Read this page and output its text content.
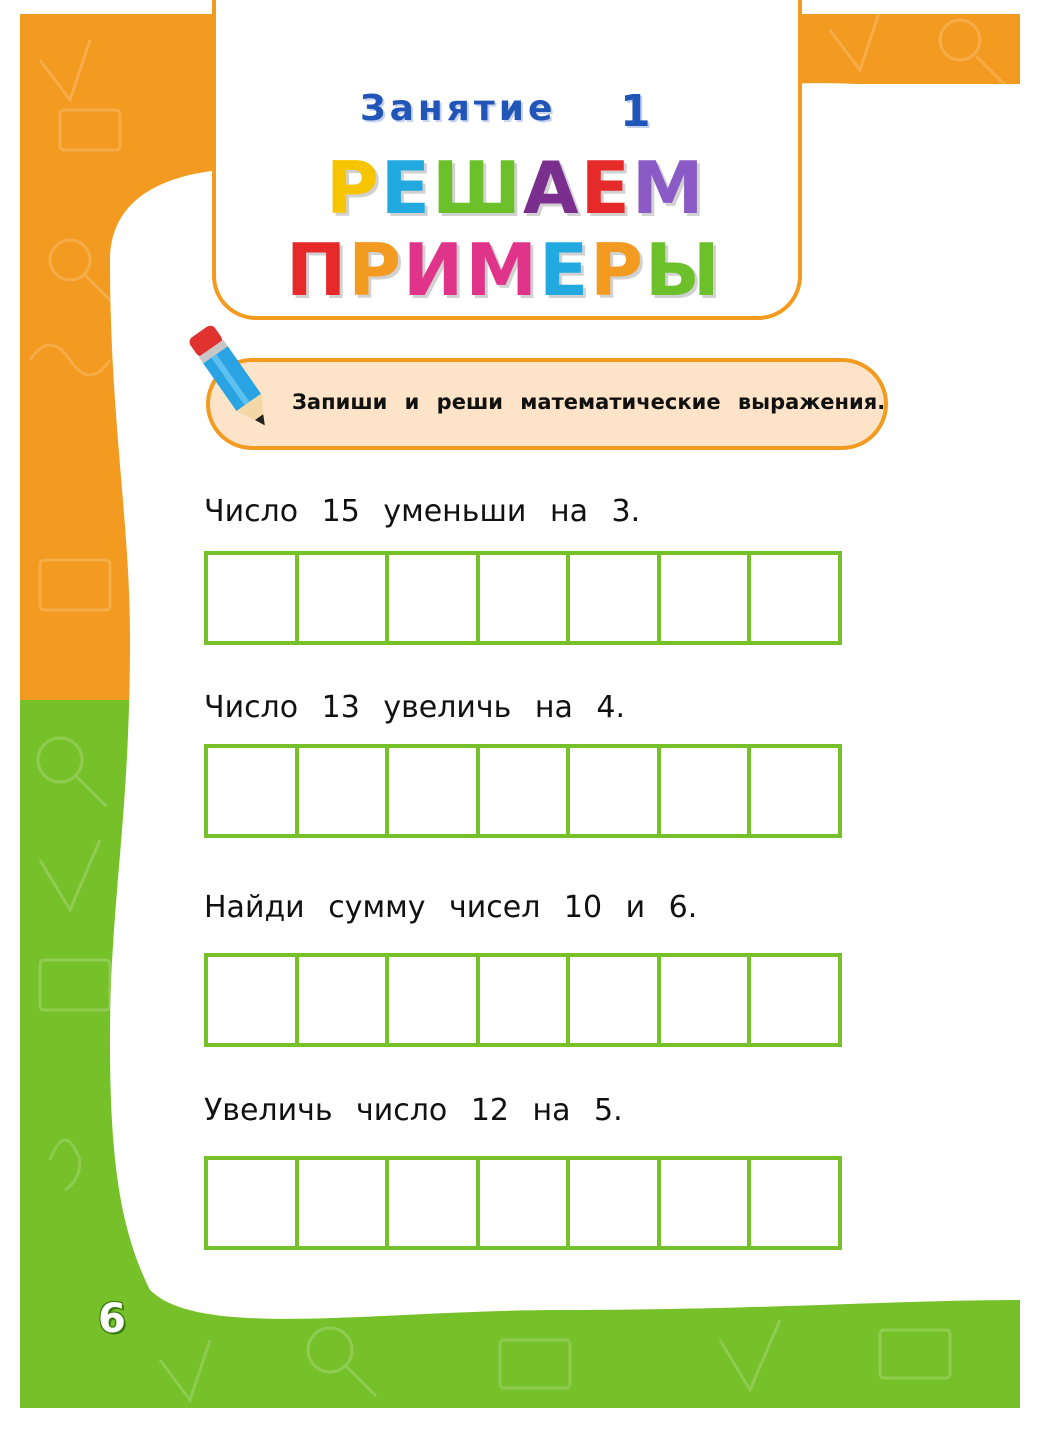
Занятие 1
РЕШАЕМ
ПРИМЕРЫ
Запиши и реши математические выражения.
Число 15 уменьши на 3.
Число 13 увеличь на 4.
Найди сумму чисел 10 и 6.
Увеличь число 12 на 5.
6
